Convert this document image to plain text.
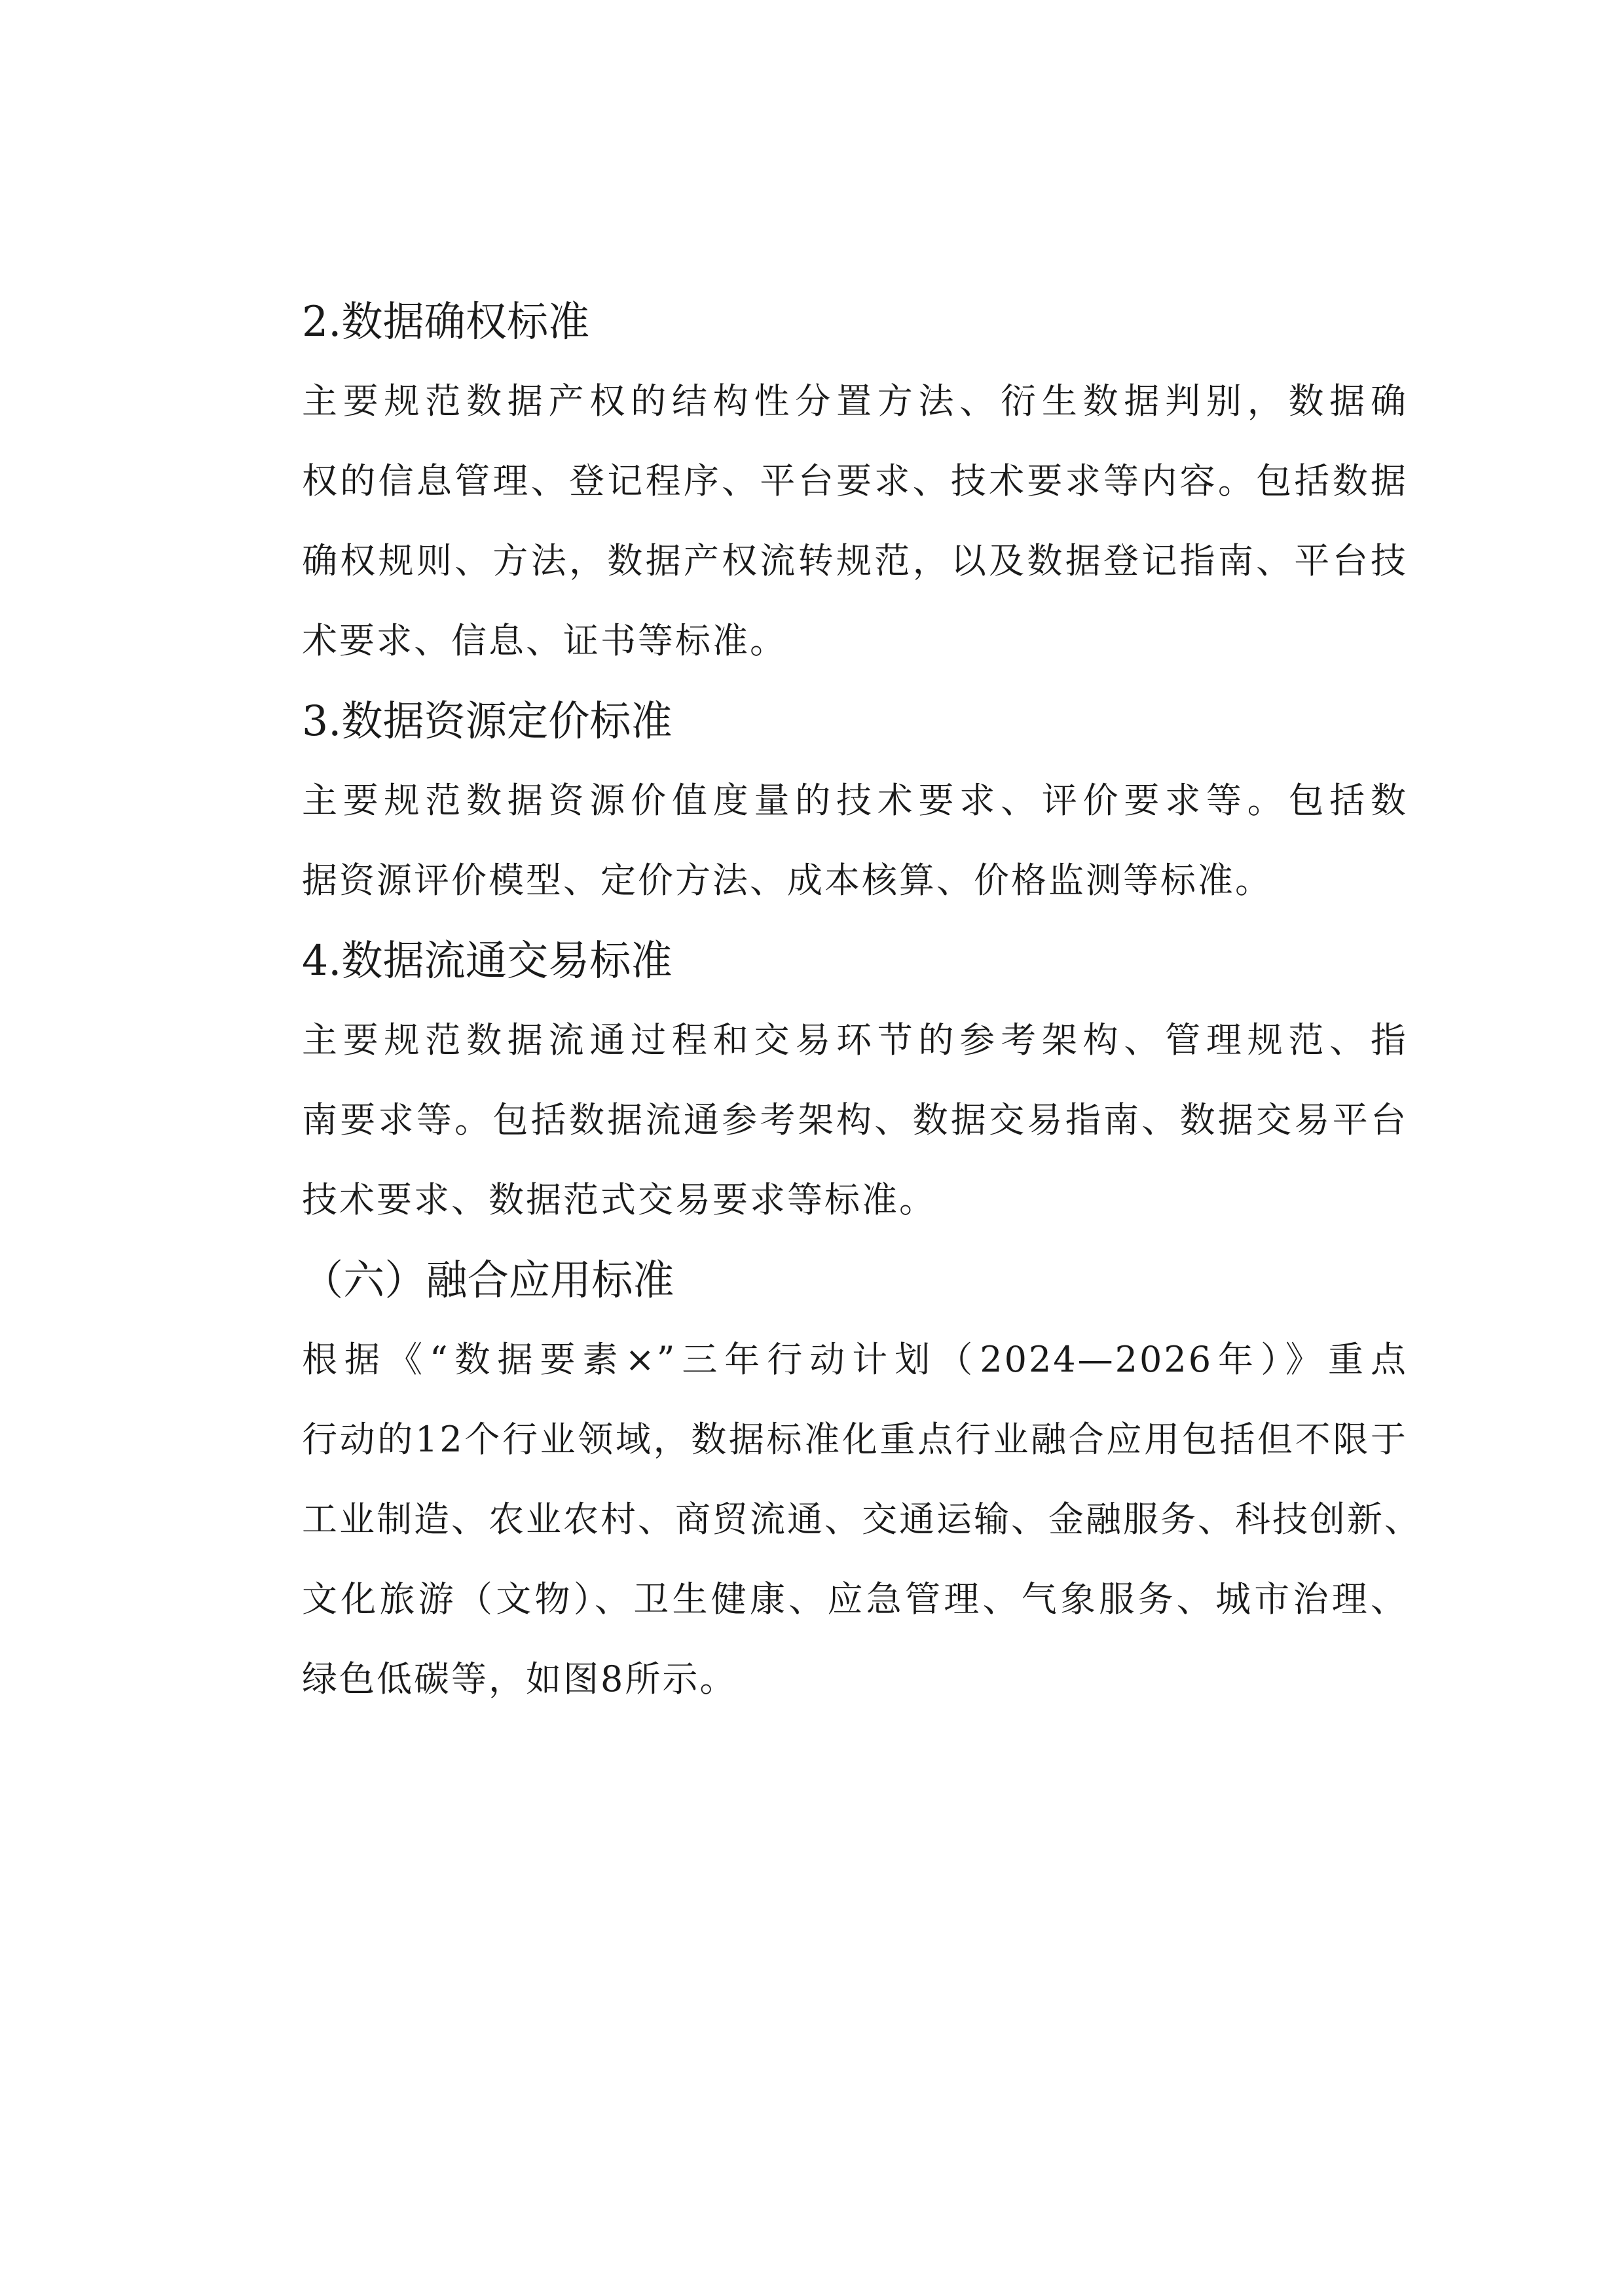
2.数据确权标准

主要规范数据产权的结构性分置方法、衍生数据判别，数据确
权的信息管理、登记程序、平台要求、技术要求等内容。包括数据
确权规则、方法，数据产权流转规范，以及数据登记指南、平台技
术要求、信息、证书等标准。

3.数据资源定价标准

主要规范数据资源价值度量的技术要求、评价要求等。包括数
据资源评价模型、定价方法、成本核算、价格监测等标准。

4.数据流通交易标准

主要规范数据流通过程和交易环节的参考架构、管理规范、指
南要求等。包括数据流通参考架构、数据交易指南、数据交易平台
技术要求、数据范式交易要求等标准。

（六）融合应用标准

根据《“数据要素×”三年行动计划（2024—2026年）》重点
行动的12个行业领域，数据标准化重点行业融合应用包括但不限于
工业制造、农业农村、商贸流通、交通运输、金融服务、科技创新、
文化旅游（文物）、卫生健康、应急管理、气象服务、城市治理、
绿色低碳等，如图8所示。
